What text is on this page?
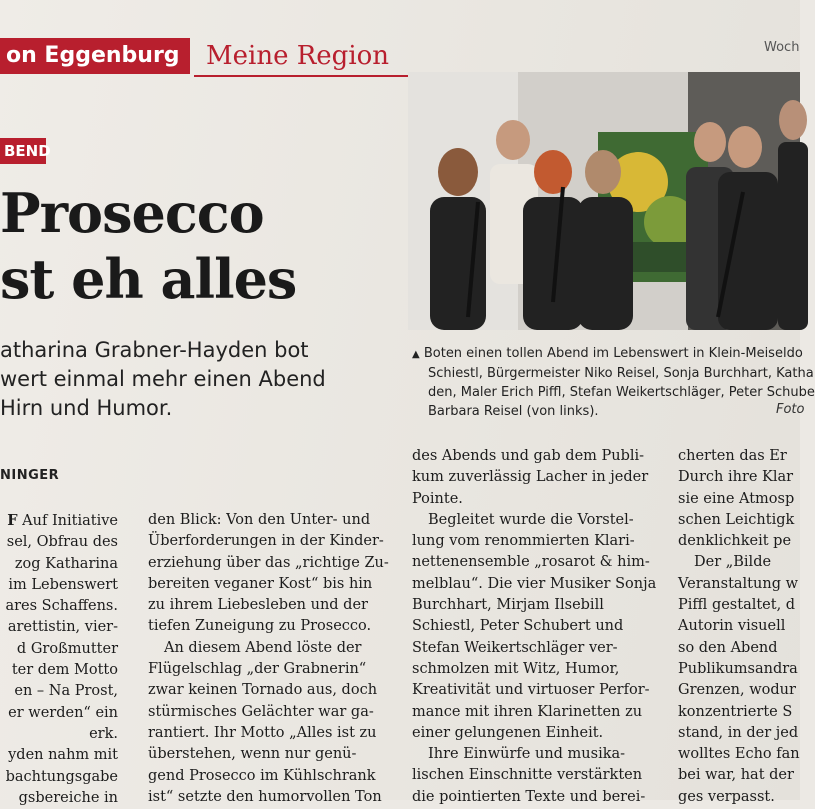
on Eggenburg	Meine Region	Woch
BEND
Prosecco
st eh alles
atharina Grabner-Hayden bot
wert einmal mehr einen Abend
Hirn und Humor.
▲ Boten einen tollen Abend im Lebenswert in Klein-Meiseldo
Schiestl, Bürgermeister Niko Reisel, Sonja Burchhart, Katha
den, Maler Erich Piffl, Stefan Weikertschläger, Peter Schube
Barbara Reisel (von links).	Foto
NINGER
F Auf Initiative
sel, Obfrau des
zog Katharina
im Lebenswert
ares Schaffens.
arettistin, vier-
d Großmutter
ter dem Motto
en – Na Prost,
er werden“ ein
erk.
yden nahm mit
bachtungsgabe
gsbereiche in
den Blick: Von den Unter- und
Überforderungen in der Kinder-
erziehung über das „richtige Zu-
bereiten veganer Kost“ bis hin
zu ihrem Liebesleben und der
tiefen Zuneigung zu Prosecco.
An diesem Abend löste der
Flügelschlag „der Grabnerin“
zwar keinen Tornado aus, doch
stürmisches Gelächter war ga-
rantiert. Ihr Motto „Alles ist zu
überstehen, wenn nur genü-
gend Prosecco im Kühlschrank
ist“ setzte den humorvollen Ton
des Abends und gab dem Publi-
kum zuverlässig Lacher in jeder
Pointe.
Begleitet wurde die Vorstel-
lung vom renommierten Klari-
nettenensemble „rosarot & him-
melblau“. Die vier Musiker Sonja
Burchhart, Mirjam Ilsebill
Schiestl, Peter Schubert und
Stefan Weikertschläger ver-
schmolzen mit Witz, Humor,
Kreativität und virtuoser Perfor-
mance mit ihren Klarinetten zu
einer gelungenen Einheit.
Ihre Einwürfe und musika-
lischen Einschnitte verstärkten
die pointierten Texte und berei-
cherten das Er
Durch ihre Klar
sie eine Atmosp
schen Leichtigk
denklichkeit pe
Der „Bilde
Veranstaltung w
Piffl gestaltet, d
Autorin visuell
so den Abend
Publikumsandra
Grenzen, wodur
konzentrierte S
stand, in der jed
wolltes Echo fan
bei war, hat der
ges verpasst.
